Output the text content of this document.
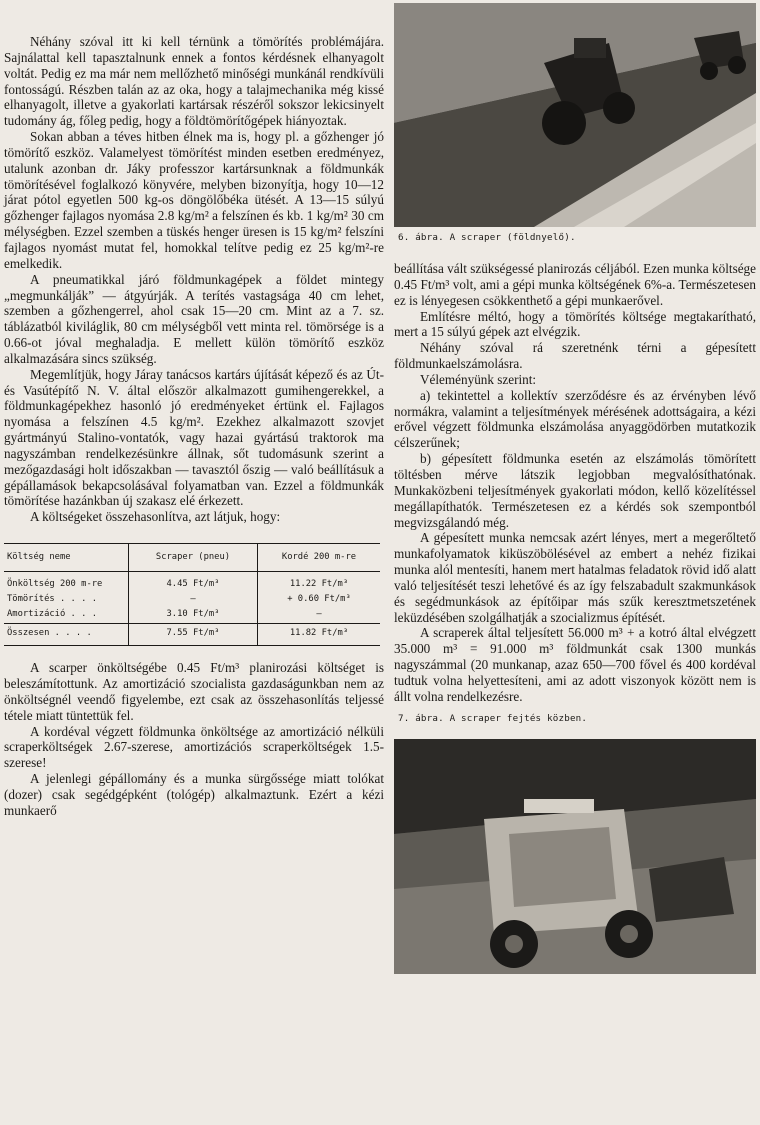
Néhány szóval itt ki kell térnünk a tömörítés problémájára. Sajnálattal kell tapasztalnunk ennek a fontos kérdésnek elhanyagolt voltát. Pedig ez ma már nem mellőzhető minőségi munkánál rendkívüli fontosságú. Részben talán az az oka, hogy a talajmechanika még kissé elhanyagolt, illetve a gyakorlati kartársak részéről sokszor lekicsinyelt tudomány ág, főleg pedig, hogy a földtömörítőgépek hiányoztak.

Sokan abban a téves hitben élnek ma is, hogy pl. a gőzhenger jó tömörítő eszköz. Valamelyest tömörítést minden esetben eredményez, utalunk azonban dr. Jáky professzor kartársunknak a földmunkák tömörítésével foglalkozó könyvére, melyben bizonyítja, hogy 10—12 járat pótol egyetlen 500 kg-os döngölőbéka ütését. A 13—15 súlyú gőzhenger fajlagos nyomása 2.8 kg/m² a felszínen és kb. 1 kg/m² 30 cm mélységben. Ezzel szemben a tüskés henger üresen is 15 kg/m² felszíni fajlagos nyomást mutat fel, homokkal telítve pedig ez 25 kg/m²-re emelkedik.

A pneumatikkal járó földmunkagépek a földet mintegy „megmunkálják” — átgyúrják. A terítés vastagsága 40 cm lehet, szemben a gőzhengerrel, ahol csak 15—20 cm. Mint az a 7. sz. táblázatból kiviláglik, 80 cm mélységből vett minta rel. tömörsége is a 0.66-ot jóval meghaladja. E mellett külön tömörítő eszköz alkalmazására sincs szükség.

Megemlítjük, hogy Járay tanácsos kartárs újítását képező és az Út- és Vasútépítő N. V. által először alkalmazott gumihengerekkel, a földmunkagépekhez hasonló jó eredményeket értünk el. Fajlagos nyomása a felszínen 4.5 kg/m². Ezekhez alkalmazott szovjet gyártmányú Stalino-vontatók, vagy hazai gyártású traktorok ma nagyszámban rendelkezésünkre állnak, sőt tudomásunk szerint a mezőgazdasági holt időszakban — tavasztól őszig — való beállításuk a gépállamások bekapcsolásával folyamatban van. Ezzel a földmunkák tömörítése hazánkban új szakasz elé érkezett.

A költségeket összehasonlítva, azt látjuk, hogy:

Költség neme	Scraper (pneu)	Kordé 200 m-re
Önköltség 200 m-re	4.45 Ft/m³	11.22 Ft/m³
Tömörítés . . . .	—	+ 0.60 Ft/m³
Amortizáció . . .	3.10 Ft/m³	—
Összesen . . . .	7.55 Ft/m³	11.82 Ft/m³

A scarper önköltségébe 0.45 Ft/m³ planirozási költséget is beleszámítottunk. Az amortizáció szocialista gazdaságunkban nem az önköltségnél veendő figyelembe, ezt csak az összehasonlítás teljessé tétele miatt tüntettük fel.

A kordéval végzett földmunka önköltsége az amortizáció nélküli scraperköltségek 2.67-szerese, amortizációs scraperköltségek 1.5-szerese!

A jelenlegi gépállomány és a munka sürgőssége miatt tolókat (dozer) csak segédgépként (tológép) alkalmaztunk. Ezért a kézi munkaerő

6. ábra. A scraper (földnyelő).

beállítása vált szükségessé planirozás céljából. Ezen munka költsége 0.45 Ft/m³ volt, ami a gépi munka költségének 6%-a. Természetesen ez is lényegesen csökkenthető a gépi munkaerővel.

Említésre méltó, hogy a tömörítés költsége megtakarítható, mert a 15 súlyú gépek azt elvégzik.

Néhány szóval rá szeretnénk térni a gépesített földmunkaelszámolásra.

Véleményünk szerint:

a) tekintettel a kollektív szerződésre és az érvényben lévő normákra, valamint a teljesítmények mérésének adottságaira, a kézi erővel végzett földmunka elszámolása anyaggödörben mutatkozik célszerűnek;

b) gépesített földmunka esetén az elszámolás tömörített töltésben mérve látszik legjobban megvalósíthatónak. Munkaközbeni teljesítmények gyakorlati módon, kellő közelítéssel megállapíthatók. Természetesen ez a kérdés sok szempontból megvizsgálandó még.

A gépesített munka nemcsak azért lényes, mert a megerőltető munkafolyamatok kiküszöbölésével az embert a nehéz fizikai munka alól mentesíti, hanem mert hatalmas feladatok rövid idő alatt való teljesítését teszi lehetővé és az így felszabadult szakmunkások és segédmunkások az építőipar más szűk keresztmetszetének leküzdésében szolgálhatják a szocializmus építését.

A scraperek által teljesített 56.000 m³ + a kotró által elvégzett 35.000 m³ = 91.000 m³ földmunkát csak 1300 munkás nagyszámmal (20 munkanap, azaz 650—700 fővel és 400 kordéval tudtuk volna helyettesíteni, ami az adott viszonyok között nem is állt volna rendelkezésre.

7. ábra. A scraper fejtés közben.
